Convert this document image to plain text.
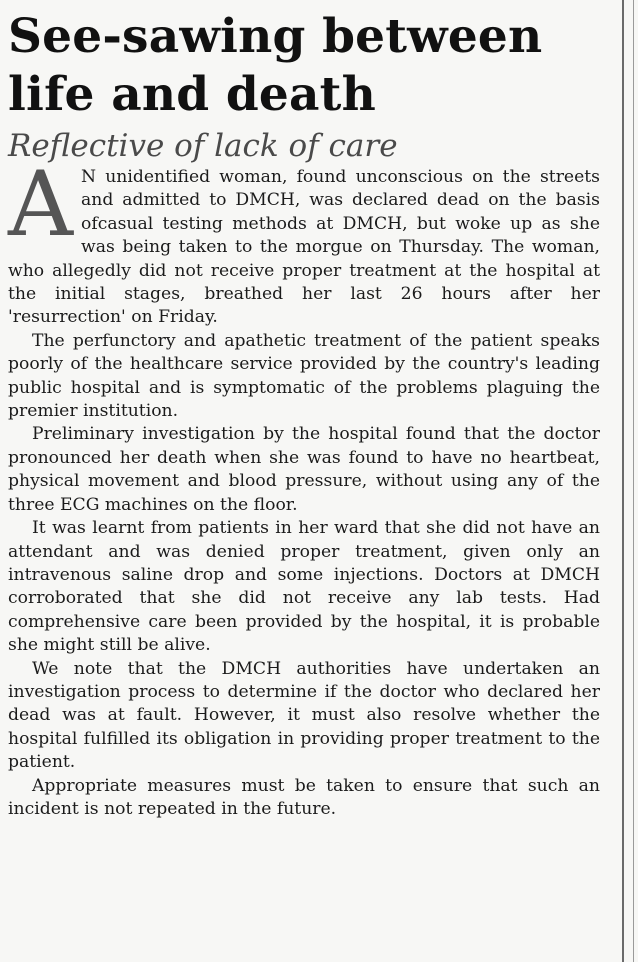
See-sawing between
life and death
Reflective of lack of care

A N unidentified woman, found unconscious on the streets and admitted to DMCH, was declared dead on the basis ofcasual testing methods at DMCH, but woke up as she was being taken to the morgue on Thursday. The woman, who allegedly did not receive proper treatment at the hospital at the initial stages, breathed her last 26 hours after her 'resurrection' on Friday.

The perfunctory and apathetic treatment of the patient speaks poorly of the healthcare service provided by the country's leading public hospital and is symptomatic of the problems plaguing the premier institution.

Preliminary investigation by the hospital found that the doctor pronounced her death when she was found to have no heartbeat, physical movement and blood pressure, without using any of the three ECG machines on the floor.

It was learnt from patients in her ward that she did not have an attendant and was denied proper treatment, given only an intravenous saline drop and some injections. Doctors at DMCH corroborated that she did not receive any lab tests. Had comprehensive care been provided by the hospital, it is probable she might still be alive.

We note that the DMCH authorities have undertaken an investigation process to determine if the doctor who declared her dead was at fault. However, it must also resolve whether the hospital fulfilled its obligation in providing proper treatment to the patient.

Appropriate measures must be taken to ensure that such an incident is not repeated in the future.
